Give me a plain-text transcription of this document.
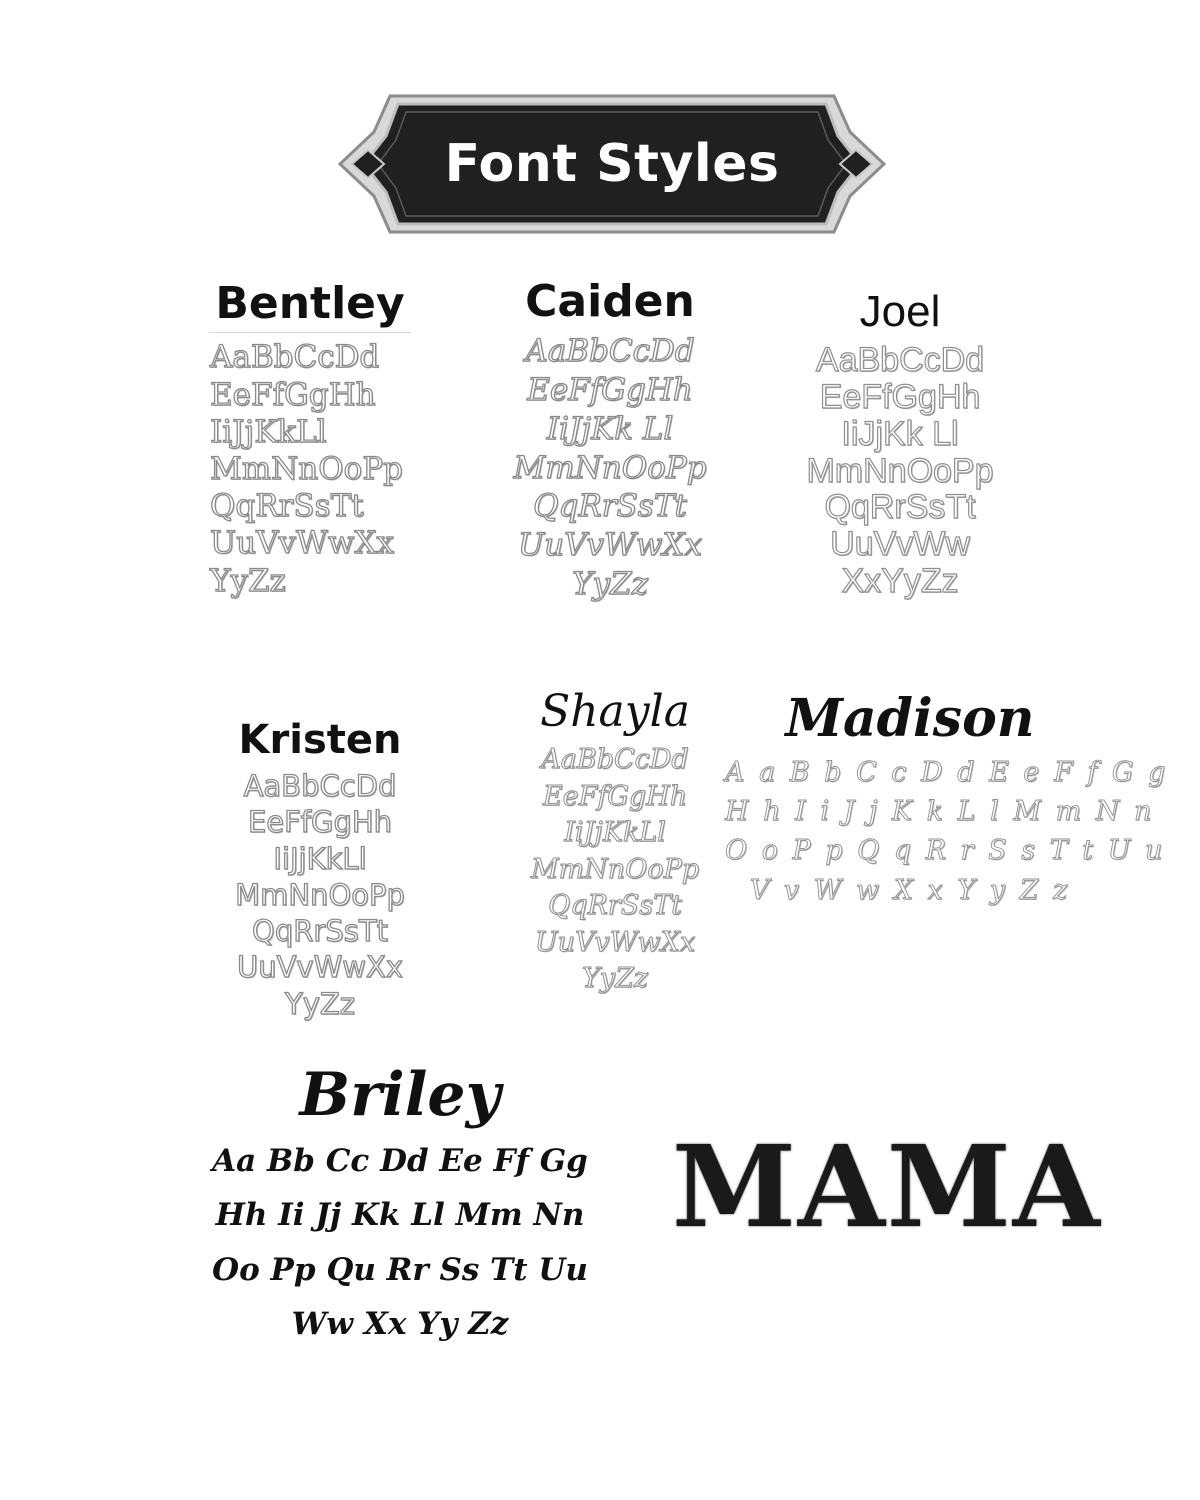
Font Styles
Bentley
AaBbCcDd
EeFfGgHh
IiJjKkLl
MmNnOoPp
QqRrSsTt
UuVvWwXx
YyZz
Caiden
AaBbCcDd
EeFfGgHh
IiJjKk Ll
MmNnOoPp
QqRrSsTt
UuVvWwXx
YyZz
Joel
AaBbCcDd
EeFfGgHh
IiJjKk Ll
MmNnOoPp
QqRrSsTt
UuVvWw
XxYyZz
Kristen
AaBbCcDd
EeFfGgHh
IiJjKkLl
MmNnOoPp
QqRrSsTt
UuVvWwXx
YyZz
Shayla
AaBbCcDd
EeFfGgHh
IiJjKkLl
MmNnOoPp
QqRrSsTt
UuVvWwXx
YyZz
Madison
A a B b C c D d E e F f G g
H h I i J j K k L l M m N n
O o P p Q q R r S s T t U u
V v W w X x Y y Z z
Briley
Aa Bb Cc Dd Ee Ff Gg
Hh Ii Jj Kk Ll Mm Nn
Oo Pp Qu Rr Ss Tt Uu
Ww Xx Yy Zz
MAMA
